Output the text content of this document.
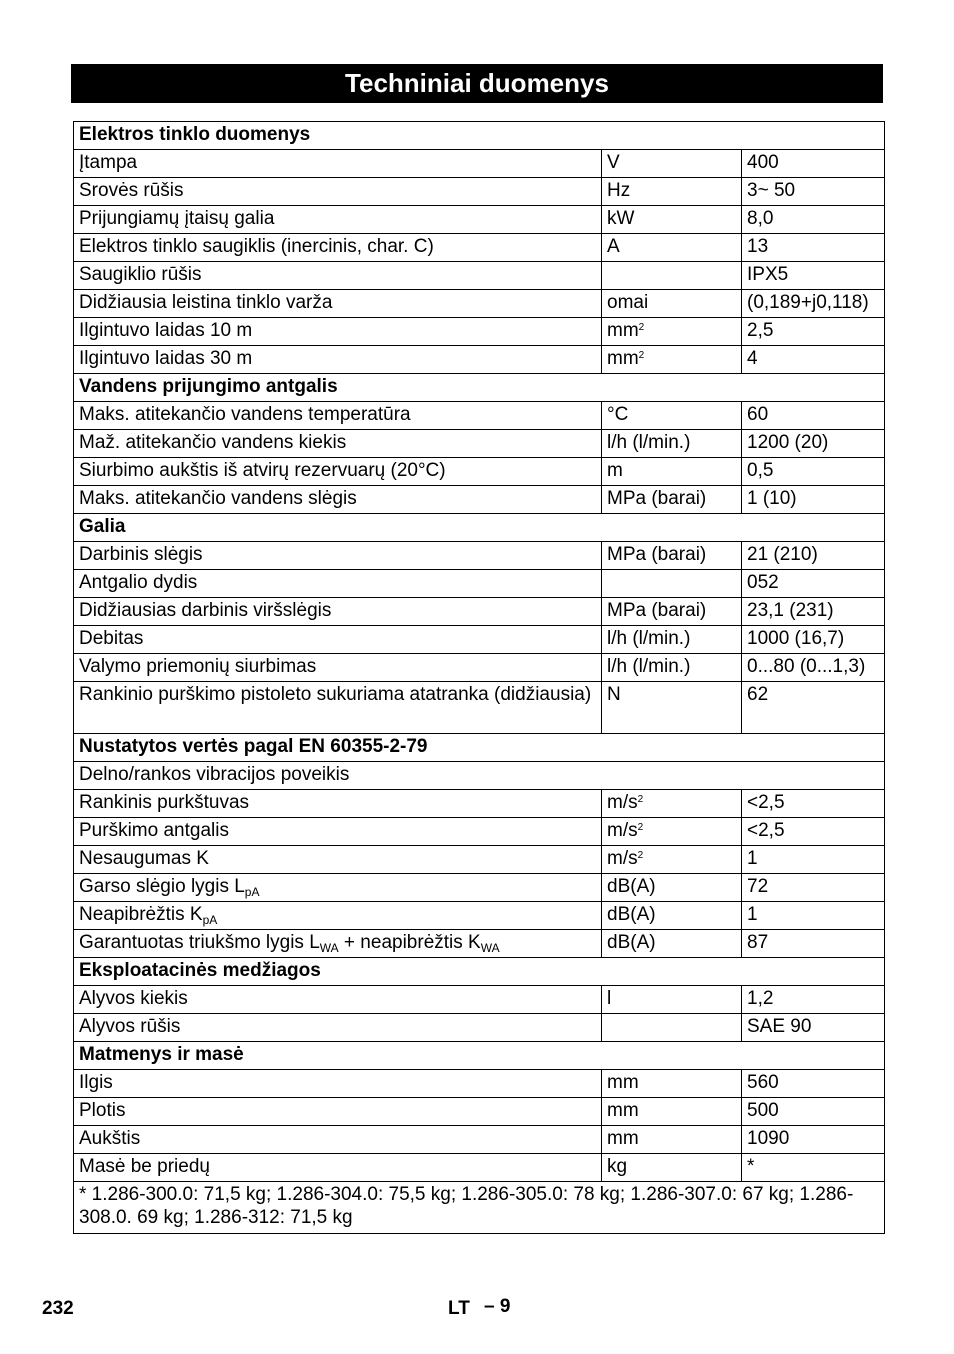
Techniniai duomenys
Elektros tinklo duomenys		
Įtampa	V	400
Srovės rūšis	Hz	3~ 50
Prijungiamų įtaisų galia	kW	8,0
Elektros tinklo saugiklis (inercinis, char. C)	A	13
Saugiklio rūšis		IPX5
Didžiausia leistina tinklo varža	omai	(0,189+j0,118)
Ilgintuvo laidas 10 m	$mm^2$	2,5
Ilgintuvo laidas 30 m	$mm^2$	4
Vandens prijungimo antgalis		
Maks. atitekančio vandens temperatūra	°C	60
Maž. atitekančio vandens kiekis	l/h (l/min.)	1200 (20)
Siurbimo aukštis iš atvirų rezervuarų (20°C)	m	0,5
Maks. atitekančio vandens slėgis	MPa (barai)	1 (10)
Galia		
Darbinis slėgis	MPa (barai)	21 (210)
Antgalio dydis		052
Didžiausias darbinis viršslėgis	MPa (barai)	23,1 (231)
Debitas	l/h (l/min.)	1000 (16,7)
Valymo priemonių siurbimas	l/h (l/min.)	0...80 (0...1,3)
Rankinio purškimo pistoleto sukuriama atatranka (didžiausia)	N	62
Nustatytos vertės pagal EN 60355-2-79		
Delno/rankos vibracijos poveikis		
Rankinis purkštuvas	$m/s^2$	<2,5
Purškimo antgalis	$m/s^2$	<2,5
Nesaugumas K	$m/s^2$	1
Garso slėgio lygis $L_{pA}$	dB(A)	72
Neapibrėžtis $K_{pA}$	dB(A)	1
Garantuotas triukšmo lygis $L_{WA}$ + neapibrėžtis $K_{WA}$	dB(A)	87
Eksploatacinės medžiagos		
Alyvos kiekis	l	1,2
Alyvos rūšis		SAE 90
Matmenys ir masė		
Ilgis	mm	560
Plotis	mm	500
Aukštis	mm	1090
Masė be priedų	kg	*
* 1.286-300.0: 71,5 kg; 1.286-304.0: 75,5 kg; 1.286-305.0: 78 kg; 1.286-307.0: 67 kg; 1.286-308.0. 69 kg; 1.286-312: 71,5 kg		
232	LT – 9
